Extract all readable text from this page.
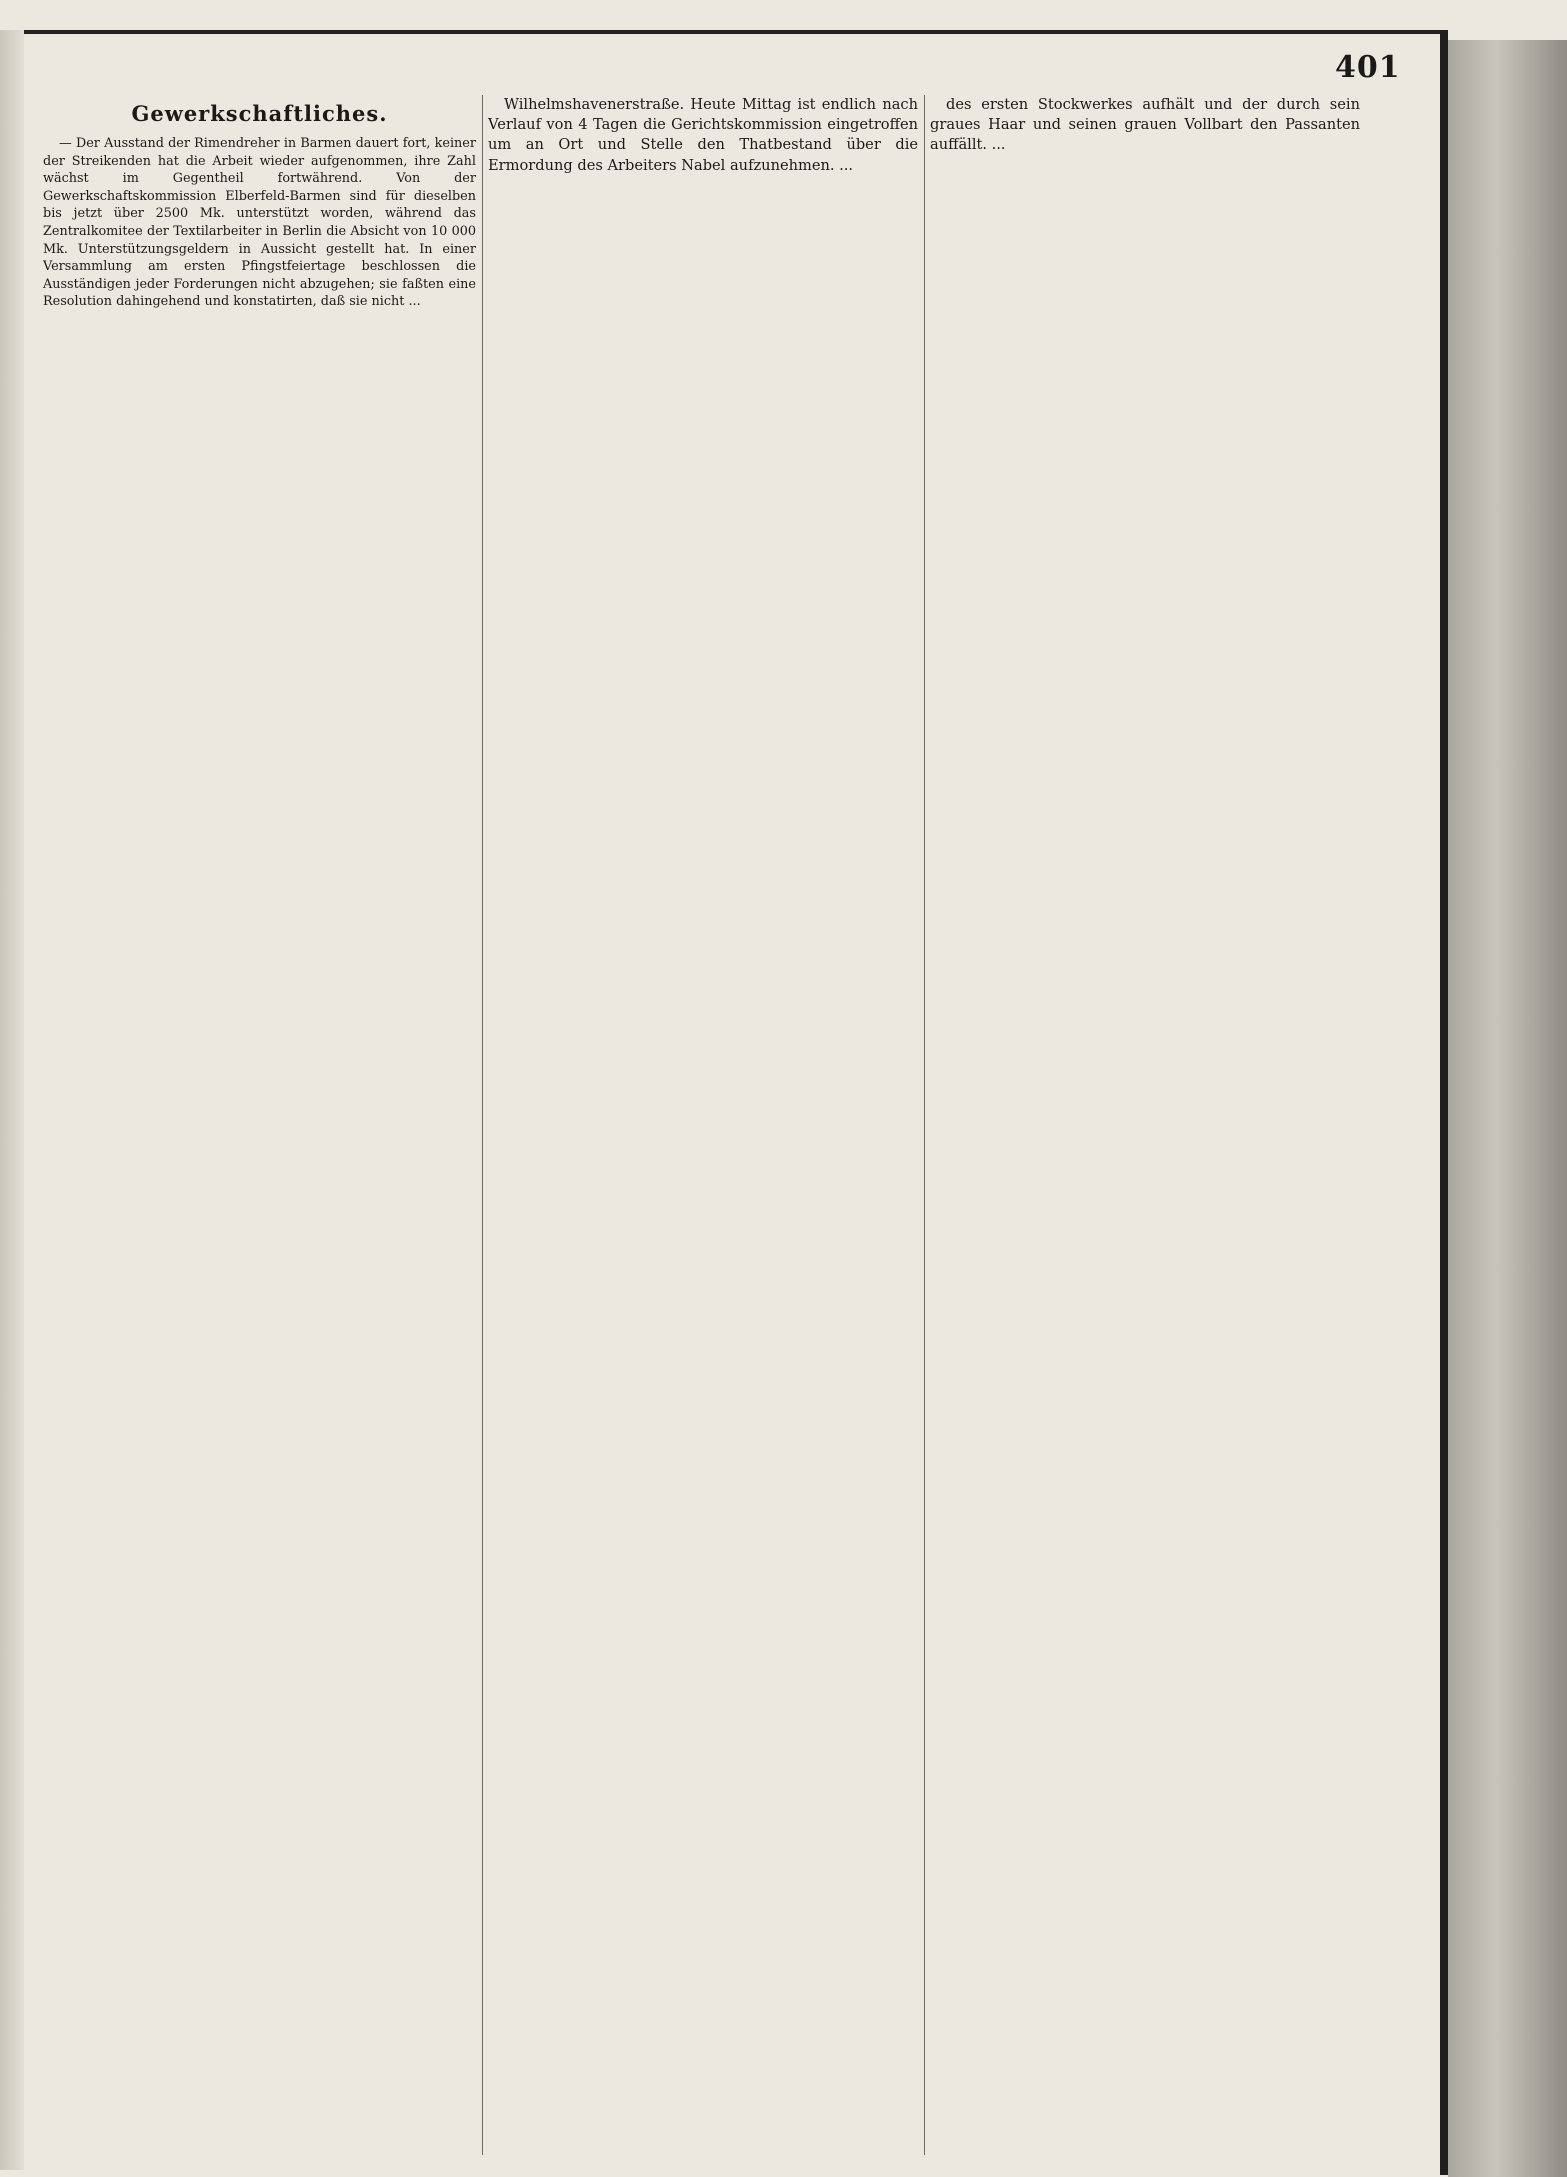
401
Gewerkschaftliches.

— Der Ausstand der Rimendreher in Barmen dauert fort, keiner der Streikenden hat die Arbeit wieder aufgenommen, ihre Zahl wächst im Gegentheil fortwährend. Von der Gewerkschaftskommission Elberfeld-Barmen sind für dieselben bis jetzt über 2500 Mk. unterstützt worden, während das Zentralkomitee der Textilarbeiter in Berlin die Absicht von 10 000 Mk. Unterstützungsgeldern in Aussicht gestellt hat. In einer Versammlung am ersten Pfingstfeiertage beschlossen die Ausständigen jeder Forderungen nicht abzugehen; sie faßten eine Resolution dahingehend und konstatirten, daß sie nicht ...

Wilhelmshavenerstraße. Heute Mittag ist endlich nach Verlauf von 4 Tagen die Gerichtskommission eingetroffen um an Ort und Stelle den Thatbestand über die Ermordung des Arbeiters Nabel aufzunehmen. ...

des ersten Stockwerkes aufhält und der durch sein graues Haar und seinen grauen Vollbart den Passanten auffällt. ...
